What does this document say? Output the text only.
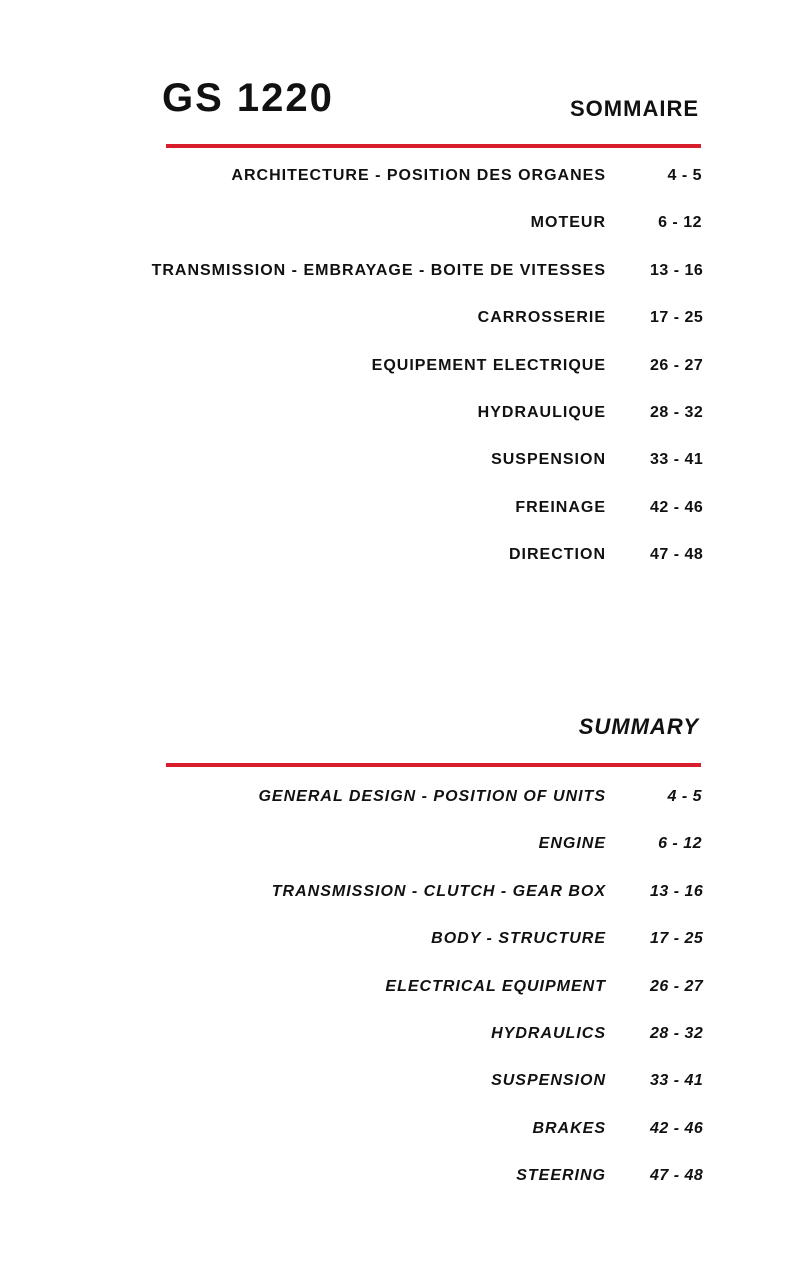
GS 1220	SOMMAIRE
ARCHITECTURE - POSITION DES ORGANES	4 - 5
MOTEUR	6 - 12
TRANSMISSION - EMBRAYAGE - BOITE DE VITESSES	13 - 16
CARROSSERIE	17 - 25
EQUIPEMENT ELECTRIQUE	26 - 27
HYDRAULIQUE	28 - 32
SUSPENSION	33 - 41
FREINAGE	42 - 46
DIRECTION	47 - 48
SUMMARY
GENERAL DESIGN - POSITION OF UNITS	4 - 5
ENGINE	6 - 12
TRANSMISSION - CLUTCH - GEAR BOX	13 - 16
BODY - STRUCTURE	17 - 25
ELECTRICAL EQUIPMENT	26 - 27
HYDRAULICS	28 - 32
SUSPENSION	33 - 41
BRAKES	42 - 46
STEERING	47 - 48
